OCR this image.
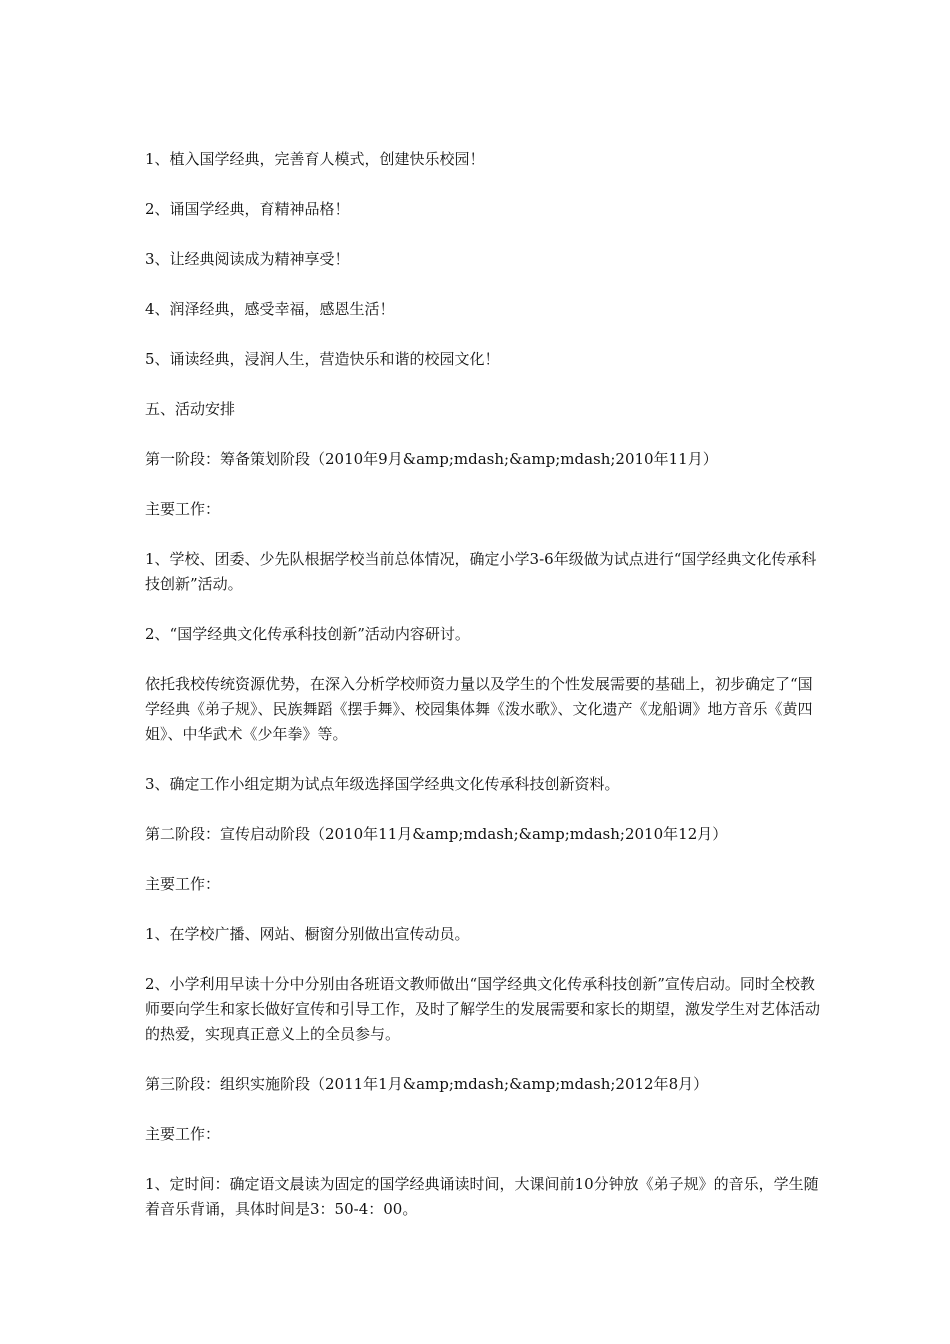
1、植入国学经典，完善育人模式，创建快乐校园！

2、诵国学经典，育精神品格！

3、让经典阅读成为精神享受！

4、润泽经典，感受幸福，感恩生活！

5、诵读经典，浸润人生，营造快乐和谐的校园文化！

五、活动安排

第一阶段：筹备策划阶段（2010年9月&amp;mdash;&amp;mdash;2010年11月）

主要工作：

1、学校、团委、少先队根据学校当前总体情况，确定小学3-6年级做为试点进行“国学经典文化传承科技创新”活动。

2、“国学经典文化传承科技创新”活动内容研讨。

依托我校传统资源优势，在深入分析学校师资力量以及学生的个性发展需要的基础上，初步确定了“国学经典《弟子规》、民族舞蹈《摆手舞》、校园集体舞《泼水歌》、文化遗产《龙船调》地方音乐《黄四姐》、中华武术《少年拳》等。

3、确定工作小组定期为试点年级选择国学经典文化传承科技创新资料。

第二阶段：宣传启动阶段（2010年11月&amp;mdash;&amp;mdash;2010年12月）

主要工作：

1、在学校广播、网站、橱窗分别做出宣传动员。

2、小学利用早读十分中分别由各班语文教师做出“国学经典文化传承科技创新”宣传启动。同时全校教师要向学生和家长做好宣传和引导工作，及时了解学生的发展需要和家长的期望，激发学生对艺体活动的热爱，实现真正意义上的全员参与。

第三阶段：组织实施阶段（2011年1月&amp;mdash;&amp;mdash;2012年8月）

主要工作：

1、定时间：确定语文晨读为固定的国学经典诵读时间，大课间前10分钟放《弟子规》的音乐，学生随着音乐背诵，具体时间是3：50-4：00。
